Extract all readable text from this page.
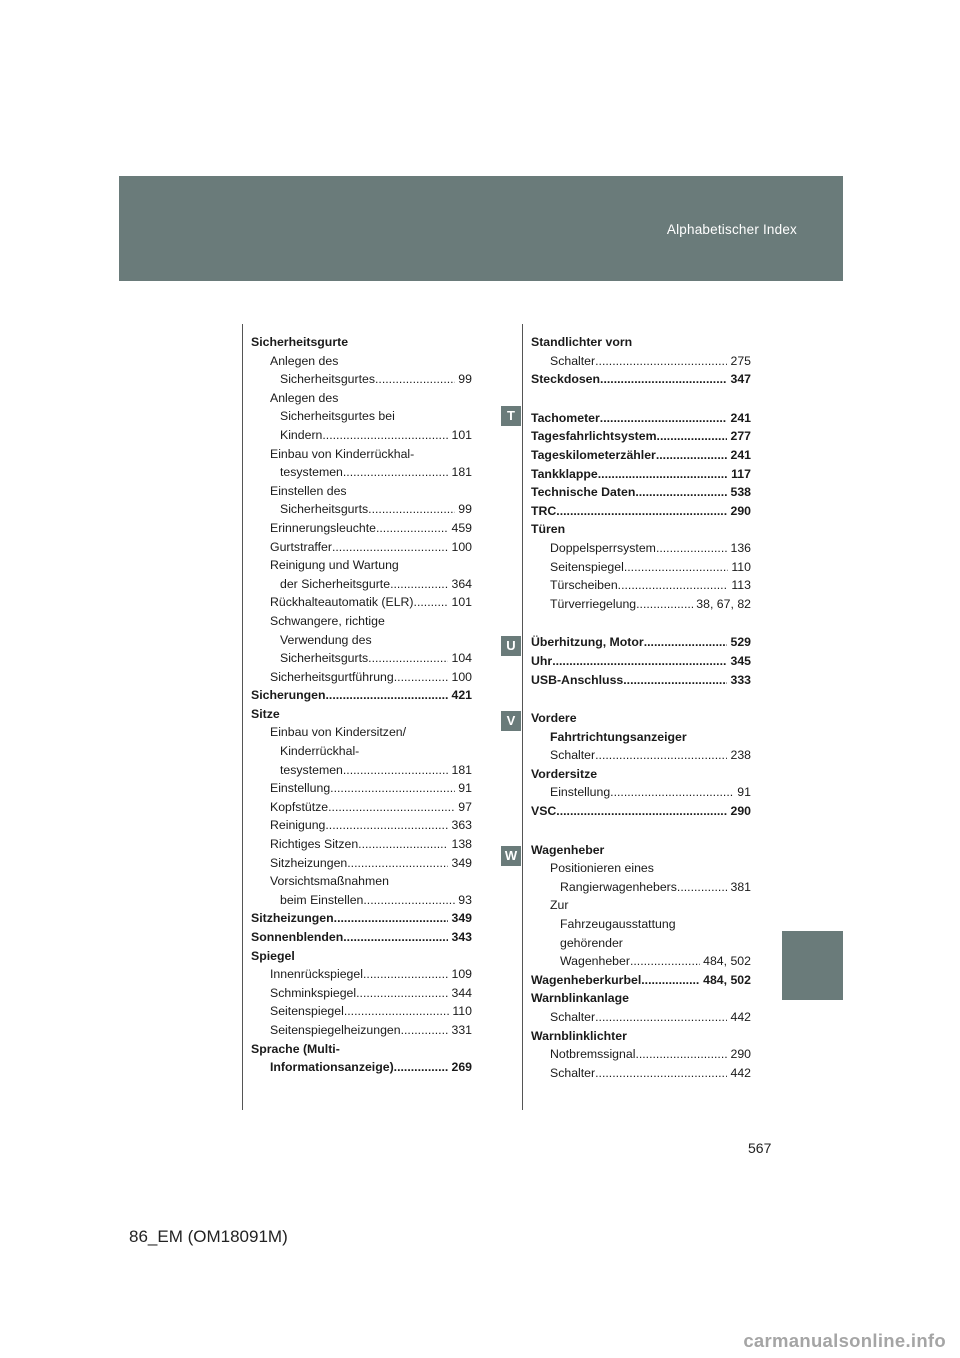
Alphabetischer Index
T
U
V
W
Sicherheitsgurte
Anlegen des
Sicherheitsgurtes .....	99
Anlegen des
Sicherheitsgurtes bei
Kindern .....	101
Einbau von Kinderrückhal-
tesystemen .....	181
Einstellen des
Sicherheitsgurts .....	99
Erinnerungsleuchte .....	459
Gurtstraffer .....	100
Reinigung und Wartung
der Sicherheitsgurte .....	364
Rückhalteautomatik (ELR) .....	101
Schwangere, richtige
Verwendung des
Sicherheitsgurts .....	104
Sicherheitsgurtführung .....	100
Sicherungen .....	421
Sitze
Einbau von Kindersitzen/
Kinderrückhal-
tesystemen .....	181
Einstellung .....	91
Kopfstütze .....	97
Reinigung .....	363
Richtiges Sitzen .....	138
Sitzheizungen .....	349
Vorsichtsmaßnahmen
beim Einstellen .....	93
Sitzheizungen .....	349
Sonnenblenden .....	343
Spiegel
Innenrückspiegel .....	109
Schminkspiegel .....	344
Seitenspiegel .....	110
Seitenspiegelheizungen .....	331
Sprache (Multi-
Informationsanzeige) .....	269
Standlichter vorn
Schalter .....	275
Steckdosen .....	347
Tachometer .....	241
Tagesfahrlichtsystem .....	277
Tageskilometerzähler .....	241
Tankklappe .....	117
Technische Daten .....	538
TRC .....	290
Türen
Doppelsperrsystem .....	136
Seitenspiegel .....	110
Türscheiben .....	113
Türverriegelung .....	38, 67, 82
Überhitzung, Motor .....	529
Uhr .....	345
USB-Anschluss .....	333
Vordere
Fahrtrichtungsanzeiger
Schalter .....	238
Vordersitze
Einstellung .....	91
VSC .....	290
Wagenheber
Positionieren eines
Rangierwagenhebers .....	381
Zur
Fahrzeugausstattung
gehörender
Wagenheber .....	484, 502
Wagenheberkurbel .....	484, 502
Warnblinkanlage
Schalter .....	442
Warnblinklichter
Notbremssignal .....	290
Schalter .....	442
567
86_EM (OM18091M)
carmanualsonline.info
